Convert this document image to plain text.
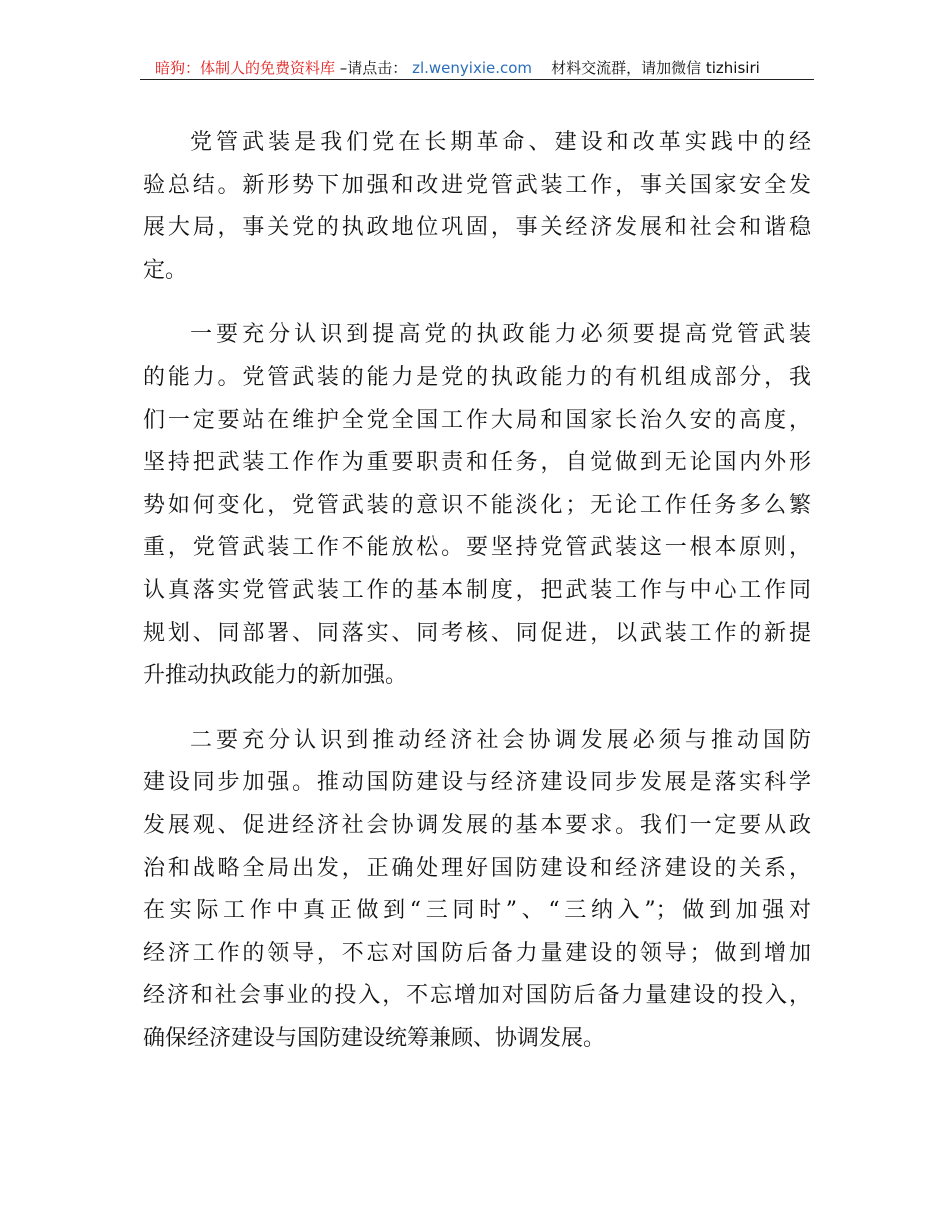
暗狗：体制人的免费资料库 –请点击： zl.wenyixie.com 材料交流群，请加微信 tizhisiri
党管武装是我们党在长期革命、建设和改革实践中的经
验总结。新形势下加强和改进党管武装工作，事关国家安全发
展大局，事关党的执政地位巩固，事关经济发展和社会和谐稳
定。
一要充分认识到提高党的执政能力必须要提高党管武装
的能力。党管武装的能力是党的执政能力的有机组成部分，我
们一定要站在维护全党全国工作大局和国家长治久安的高度，
坚持把武装工作作为重要职责和任务，自觉做到无论国内外形
势如何变化，党管武装的意识不能淡化；无论工作任务多么繁
重，党管武装工作不能放松。要坚持党管武装这一根本原则，
认真落实党管武装工作的基本制度，把武装工作与中心工作同
规划、同部署、同落实、同考核、同促进，以武装工作的新提
升推动执政能力的新加强。
二要充分认识到推动经济社会协调发展必须与推动国防
建设同步加强。推动国防建设与经济建设同步发展是落实科学
发展观、促进经济社会协调发展的基本要求。我们一定要从政
治和战略全局出发，正确处理好国防建设和经济建设的关系，
在实际工作中真正做到“三同时”、“三纳入”；做到加强对
经济工作的领导，不忘对国防后备力量建设的领导；做到增加
经济和社会事业的投入，不忘增加对国防后备力量建设的投入，
确保经济建设与国防建设统筹兼顾、协调发展。
